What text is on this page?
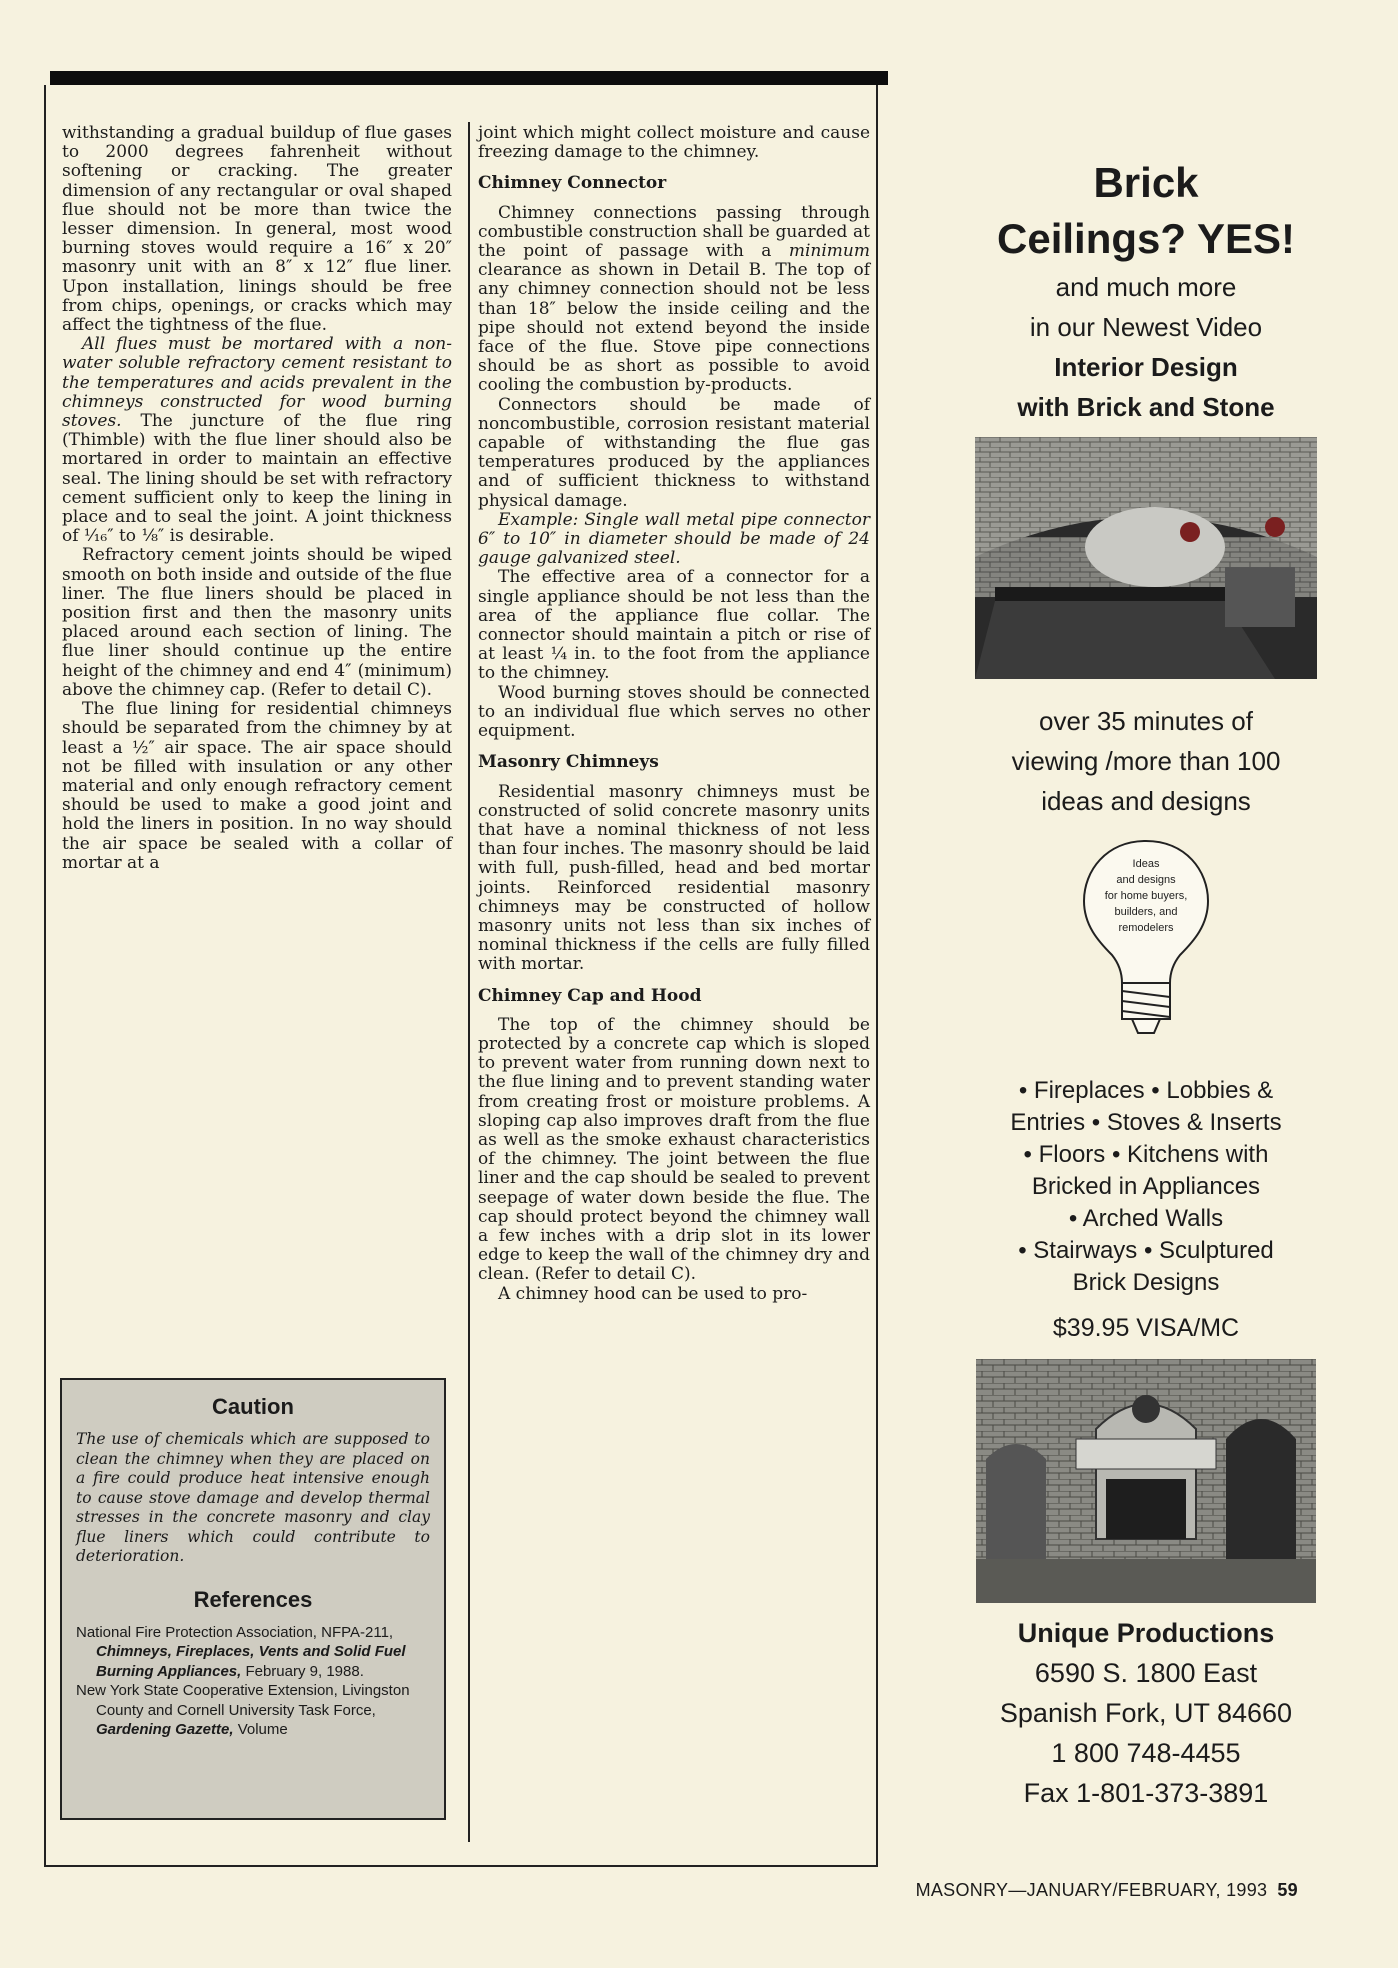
withstanding a gradual buildup of flue gases to 2000 degrees fahrenheit without softening or cracking. The greater dimension of any rectangular or oval shaped flue should not be more than twice the lesser dimension. In general, most wood burning stoves would require a 16″ x 20″ masonry unit with an 8″ x 12″ flue liner. Upon installation, linings should be free from chips, openings, or cracks which may affect the tightness of the flue.

All flues must be mortared with a non-water soluble refractory cement resistant to the temperatures and acids prevalent in the chimneys constructed for wood burning stoves. The juncture of the flue ring (Thimble) with the flue liner should also be mortared in order to maintain an effective seal. The lining should be set with refractory cement sufficient only to keep the lining in place and to seal the joint. A joint thickness of ¹⁄₁₆″ to ⅛″ is desirable.

Refractory cement joints should be wiped smooth on both inside and outside of the flue liner. The flue liners should be placed in position first and then the masonry units placed around each section of lining. The flue liner should continue up the entire height of the chimney and end 4″ (minimum) above the chimney cap. (Refer to detail C).

The flue lining for residential chimneys should be separated from the chimney by at least a ½″ air space. The air space should not be filled with insulation or any other material and only enough refractory cement should be used to make a good joint and hold the liners in position. In no way should the air space be sealed with a collar of mortar at a

Caution

The use of chemicals which are supposed to clean the chimney when they are placed on a fire could produce heat intensive enough to cause stove damage and develop thermal stresses in the concrete masonry and clay flue liners which could contribute to deterioration.

References

National Fire Protection Association, NFPA-211, Chimneys, Fireplaces, Vents and Solid Fuel Burning Appliances, February 9, 1988.

New York State Cooperative Extension, Livingston County and Cornell University Task Force, Gardening Gazette, Volume

joint which might collect moisture and cause freezing damage to the chimney.

Chimney Connector

Chimney connections passing through combustible construction shall be guarded at the point of passage with a minimum clearance as shown in Detail B. The top of any chimney connection should not be less than 18″ below the inside ceiling and the pipe should not extend beyond the inside face of the flue. Stove pipe connections should be as short as possible to avoid cooling the combustion by-products.

Connectors should be made of noncombustible, corrosion resistant material capable of withstanding the flue gas temperatures produced by the appliances and of sufficient thickness to withstand physical damage.

Example: Single wall metal pipe connector 6″ to 10″ in diameter should be made of 24 gauge galvanized steel.

The effective area of a connector for a single appliance should be not less than the area of the appliance flue collar. The connector should maintain a pitch or rise of at least ¼ in. to the foot from the appliance to the chimney.

Wood burning stoves should be connected to an individual flue which serves no other equipment.

Masonry Chimneys

Residential masonry chimneys must be constructed of solid concrete masonry units that have a nominal thickness of not less than four inches. The masonry should be laid with full, push-filled, head and bed mortar joints. Reinforced residential masonry chimneys may be constructed of hollow masonry units not less than six inches of nominal thickness if the cells are fully filled with mortar.

Chimney Cap and Hood

The top of the chimney should be protected by a concrete cap which is sloped to prevent water from running down next to the flue lining and to prevent standing water from creating frost or moisture problems. A sloping cap also improves draft from the flue as well as the smoke exhaust characteristics of the chimney. The joint between the flue liner and the cap should be sealed to prevent seepage of water down beside the flue. The cap should protect beyond the chimney wall a few inches with a drip slot in its lower edge to keep the wall of the chimney dry and clean. (Refer to detail C).

A chimney hood can be used to pro-

Brick
Ceilings? YES!
and much more
in our Newest Video
Interior Design
with Brick and Stone
over 35 minutes of
viewing /more than 100
ideas and designs
Ideas
and designs
for home buyers,
builders, and
remodelers
• Fireplaces • Lobbies &
Entries • Stoves & Inserts
• Floors • Kitchens with
Bricked in Appliances
• Arched Walls
• Stairways • Sculptured
Brick Designs
$39.95 VISA/MC
Unique Productions
6590 S. 1800 East
Spanish Fork, UT 84660
1 800 748-4455
Fax 1-801-373-3891
MASONRY—JANUARY/FEBRUARY, 1993 59
